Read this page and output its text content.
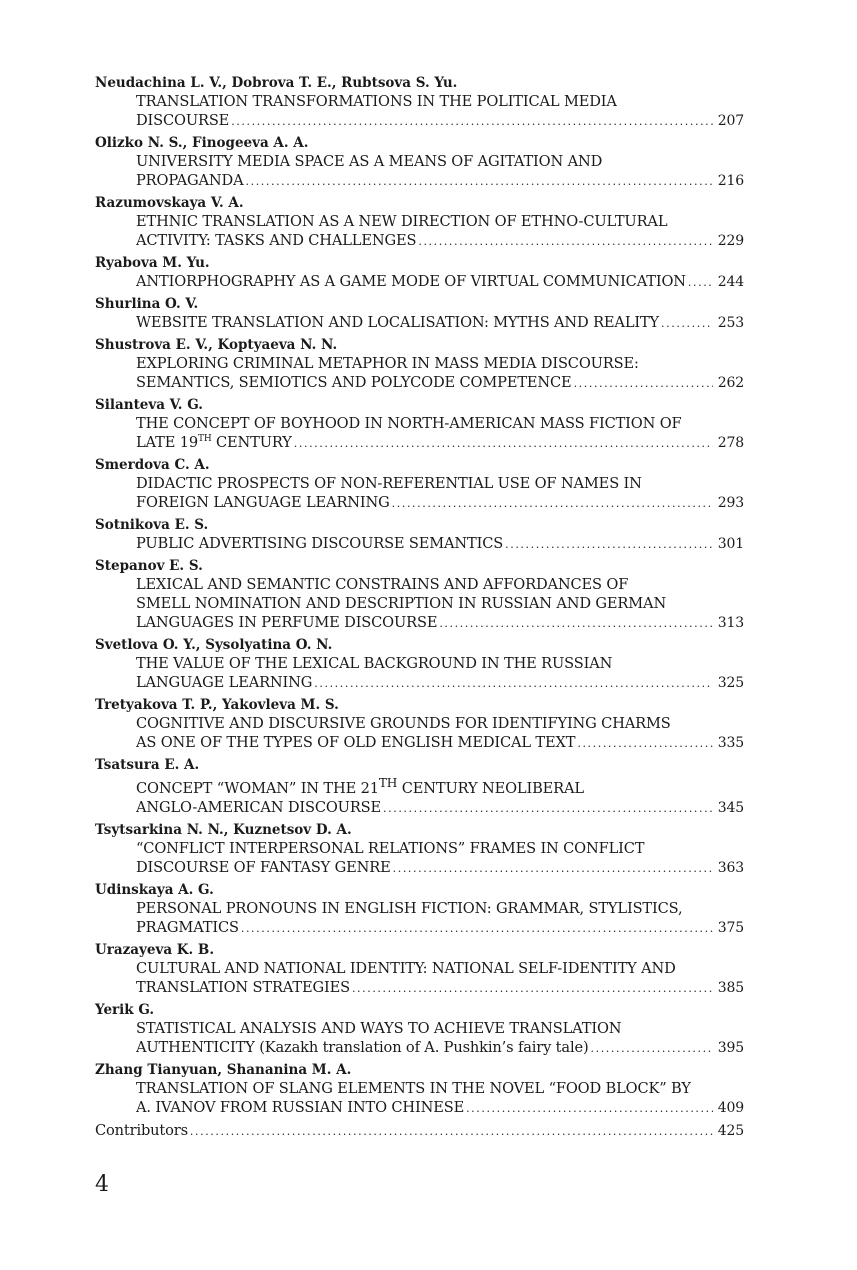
Neudachina L. V., Dobrova T. E., Rubtsova S. Yu.
TRANSLATION TRANSFORMATIONS IN THE POLITICAL MEDIA
DISCOURSE .....	207
Olizko N. S., Finogeeva A. A.
UNIVERSITY MEDIA SPACE AS A MEANS OF AGITATION AND
PROPAGANDA .....	216
Razumovskaya V. A.
ETHNIC TRANSLATION AS A NEW DIRECTION OF ETHNO-CULTURAL
ACTIVITY: TASKS AND CHALLENGES .....	229
Ryabova M. Yu.
ANTIORPHOGRAPHY AS A GAME MODE OF VIRTUAL COMMUNICATION ..... 244
Shurlina O. V.
WEBSITE TRANSLATION AND LOCALISATION: MYTHS AND REALITY .....	253
Shustrova E. V., Koptyaeva N. N.
EXPLORING CRIMINAL METAPHOR IN MASS MEDIA DISCOURSE:
SEMANTICS, SEMIOTICS AND POLYCODE COMPETENCE .....	262
Silanteva V. G.
THE CONCEPT OF BOYHOOD IN NORTH-AMERICAN MASS FICTION OF
LATE 19TH CENTURY .....	278
Smerdova C. A.
DIDACTIC PROSPECTS OF NON-REFERENTIAL USE OF NAMES IN
FOREIGN LANGUAGE LEARNING .....	293
Sotnikova E. S.
PUBLIC ADVERTISING DISCOURSE SEMANTICS .....	301
Stepanov E. S.
LEXICAL AND SEMANTIC CONSTRAINS AND AFFORDANCES OF
SMELL NOMINATION AND DESCRIPTION IN RUSSIAN AND GERMAN
LANGUAGES IN PERFUME DISCOURSE .....	313
Svetlova O. Y., Sysolyatina O. N.
THE VALUE OF THE LEXICAL BACKGROUND IN THE RUSSIAN
LANGUAGE LEARNING .....	325
Tretyakova T. P., Yakovleva M. S.
COGNITIVE AND DISCURSIVE GROUNDS FOR IDENTIFYING CHARMS
AS ONE OF THE TYPES OF OLD ENGLISH MEDICAL TEXT .....	335
Tsatsura E. A.
CONCEPT “WOMAN” IN THE 21TH CENTURY NEOLIBERAL
ANGLO-AMERICAN DISCOURSE .....	345
Tsytsarkina N. N., Kuznetsov D. A.
“CONFLICT INTERPERSONAL RELATIONS” FRAMES IN CONFLICT
DISCOURSE OF FANTASY GENRE .....	363
Udinskaya A. G.
PERSONAL PRONOUNS IN ENGLISH FICTION: GRAMMAR, STYLISTICS,
PRAGMATICS .....	375
Urazayeva K. B.
CULTURAL AND NATIONAL IDENTITY: NATIONAL SELF-IDENTITY AND
TRANSLATION STRATEGIES .....	385
Yerik G.
STATISTICAL ANALYSIS AND WAYS TO ACHIEVE TRANSLATION
AUTHENTICITY (Kazakh translation of A. Pushkin’s fairy tale) .....	395
Zhang Tianyuan, Shananina M. A.
TRANSLATION OF SLANG ELEMENTS IN THE NOVEL “FOOD BLOCK” BY
A. IVANOV FROM RUSSIAN INTO CHINESE .....	409
Contributors .....	425
4
